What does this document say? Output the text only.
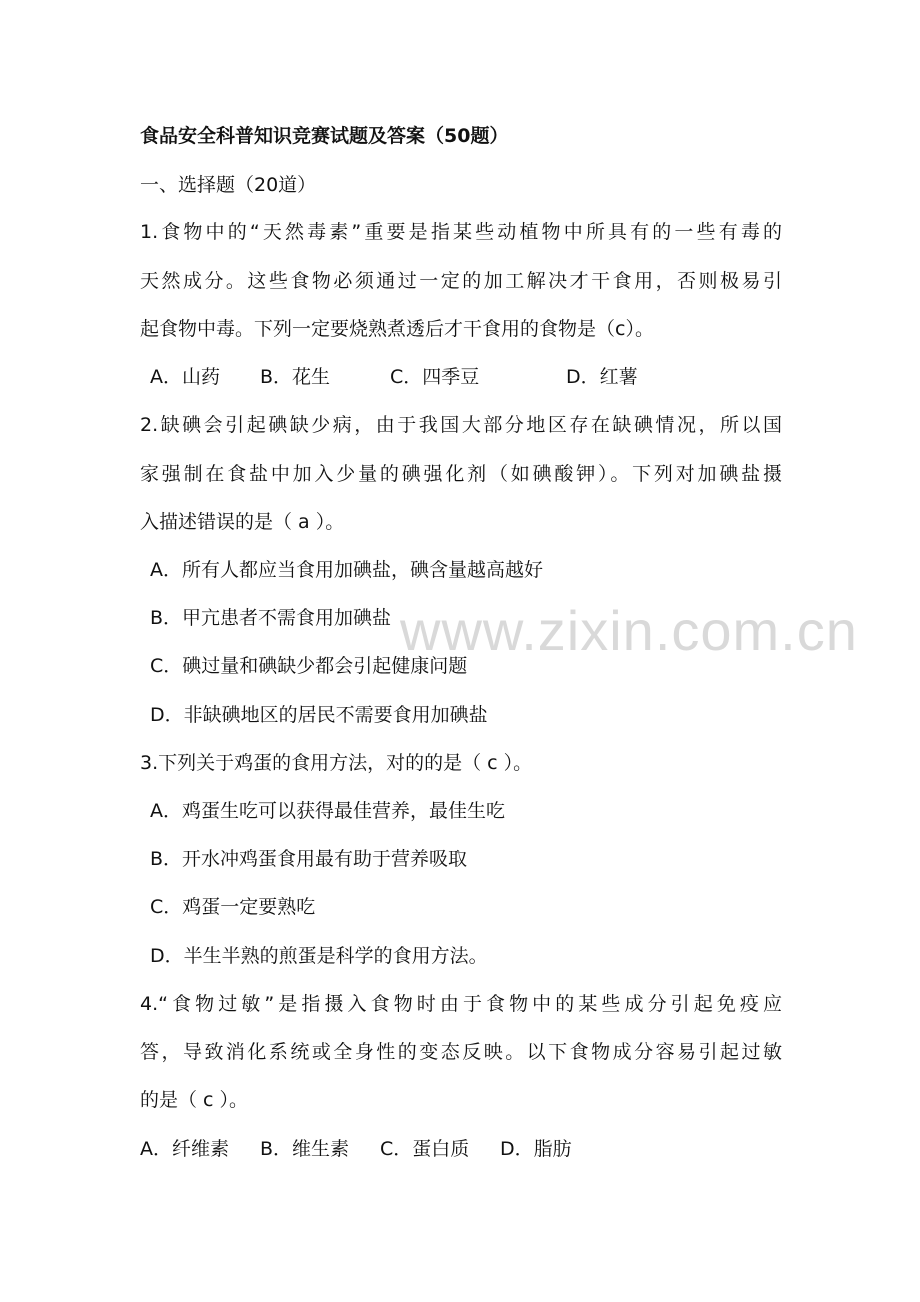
食品安全科普知识竞赛试题及答案（50题）
一、选择题（20道）
1.食物中的“天然毒素”重要是指某些动植物中所具有的一些有毒的
天然成分。这些食物必须通过一定的加工解决才干食用，否则极易引
起食物中毒。下列一定要烧熟煮透后才干食用的食物是（c）。
A．山药 B．花生	C．四季豆	D．红薯
2.缺碘会引起碘缺少病，由于我国大部分地区存在缺碘情况，所以国
家强制在食盐中加入少量的碘强化剂（如碘酸钾）。下列对加碘盐摄
入描述错误的是（ a ）。
A．所有人都应当食用加碘盐，碘含量越高越好
B．甲亢患者不需食用加碘盐
C．碘过量和碘缺少都会引起健康问题
D．非缺碘地区的居民不需要食用加碘盐
3.下列关于鸡蛋的食用方法，对的的是（ c ）。
A．鸡蛋生吃可以获得最佳营养，最佳生吃
B．开水冲鸡蛋食用最有助于营养吸取
C．鸡蛋一定要熟吃
D．半生半熟的煎蛋是科学的食用方法。
4.“食物过敏”是指摄入食物时由于食物中的某些成分引起免疫应
答，导致消化系统或全身性的变态反映。以下食物成分容易引起过敏
的是（ c ）。
A．纤维素 B．维生素 C．蛋白质 D．脂肪
www.zixin.com.cn
